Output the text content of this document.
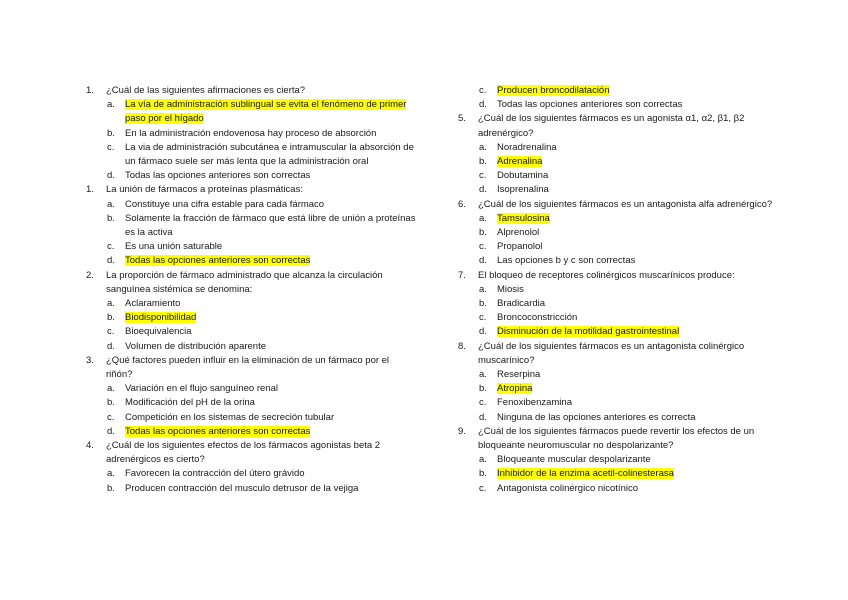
1. ¿Cuál de las siguientes afirmaciones es cierta?
a. La vía de administración sublingual se evita el fenómeno de primer paso por el hígado
b. En la administración endovenosa hay proceso de absorción
c. La via de administración subcutánea e intramuscular la absorción de un fármaco suele ser más lenta que la administración oral
d. Todas las opciones anteriores son correctas
1. La unión de fármacos a proteínas plasmáticas:
a. Constituye una cifra estable para cada fármaco
b. Solamente la fracción de fármaco que está libre de unión a proteínas es la activa
c. Es una unión saturable
d. Todas las opciones anteriores son correctas
2. La proporción de fármaco administrado que alcanza la circulación sanguínea sistémica se denomina:
a. Aclaramiento
b. Biodisponibilidad
c. Bioequivalencia
d. Volumen de distribución aparente
3. ¿Qué factores pueden influir en la eliminación de un fármaco por el riñón?
a. Variación en el flujo sanguíneo renal
b. Modificación del pH de la orina
c. Competición en los sistemas de secreción tubular
d. Todas las opciones anteriores son correctas
4. ¿Cuál de los siguientes efectos de los fármacos agonistas beta 2 adrenérgicos es cierto?
a. Favorecen la contracción del útero grávido
b. Producen contracción del musculo detrusor de la vejiga
c. Producen broncodilatación
d. Todas las opciones anteriores son correctas
5. ¿Cuál de los siguientes fármacos es un agonista α1, α2, β1, β2 adrenérgico?
a. Noradrenalina
b. Adrenalina
c. Dobutamina
d. Isoprenalina
6. ¿Cuál de los siguientes fármacos es un antagonista alfa adrenérgico?
a. Tamsulosina
b. Alprenolol
c. Propanolol
d. Las opciones b y c son correctas
7. El bloqueo de receptores colinérgicos muscarínicos produce:
a. Miosis
b. Bradicardia
c. Broncoconstricción
d. Disminución de la motilidad gastrointestinal
8. ¿Cuál de los siguientes fármacos es un antagonista colinérgico muscarínico?
a. Reserpina
b. Atropina
c. Fenoxibenzamina
d. Ninguna de las opciones anteriores es correcta
9. ¿Cuál de los siguientes fármacos puede revertir los efectos de un bloqueante neuromuscular no despolarizante?
a. Bloqueante muscular despolarizante
b. Inhibidor de la enzima acetil-colinesterasa
c. Antagonista colinérgico nicotínico
